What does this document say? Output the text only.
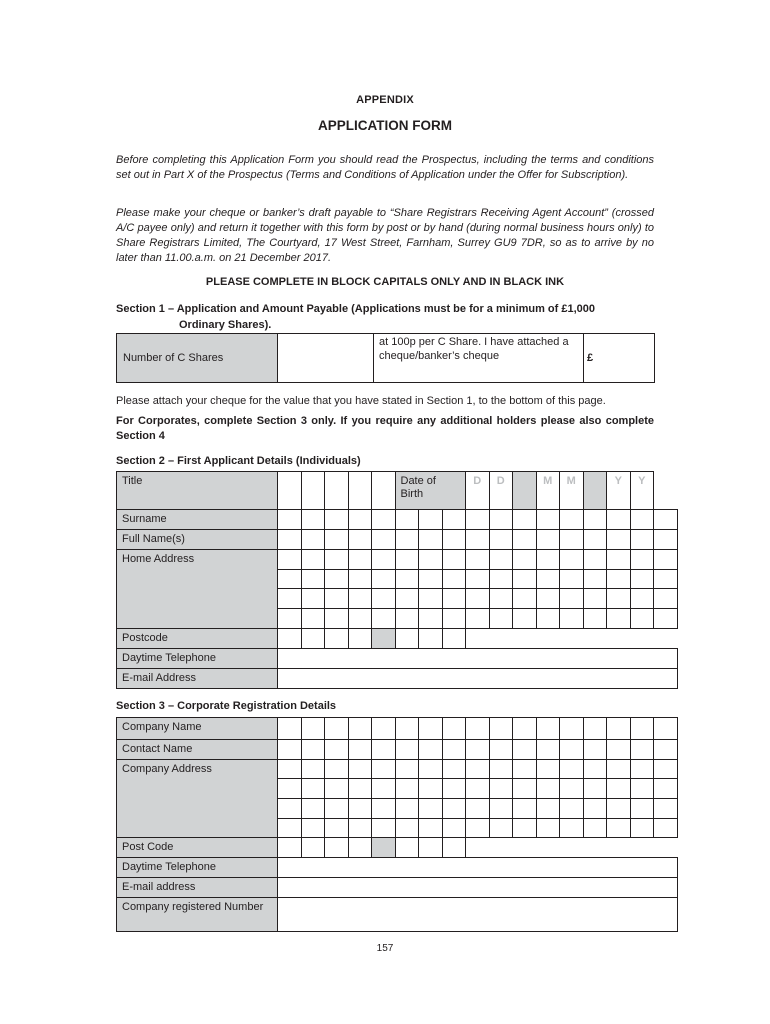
APPENDIX
APPLICATION FORM

Before completing this Application Form you should read the Prospectus, including the terms and conditions set out in Part X of the Prospectus (Terms and Conditions of Application under the Offer for Subscription).

Please make your cheque or banker’s draft payable to “Share Registrars Receiving Agent Account” (crossed A/C payee only) and return it together with this form by post or by hand (during normal business hours only) to Share Registrars Limited, The Courtyard, 17 West Street, Farnham, Surrey GU9 7DR, so as to arrive by no later than 11.00.a.m. on 21 December 2017.

PLEASE COMPLETE IN BLOCK CAPITALS ONLY AND IN BLACK INK
Section 1 – Application and Amount Payable (Applications must be for a minimum of £1,000
Ordinary Shares).
Number of C Shares		at 100p per C Share. I have attached a cheque/banker’s cheque	£
Please attach your cheque for the value that you have stated in Section 1, to the bottom of this page.
For Corporates, complete Section 3 only. If you require any additional holders please also complete Section 4
Section 2 – First Applicant Details (Individuals)
Title						Date of Birth			D	D		M	M		Y	Y	
Surname																	
Full Name(s)																	
Home Address																	

Postcode																	
Daytime Telephone																	
E-mail Address																	
Section 3 – Corporate Registration Details
Company Name																	
Contact Name																	
Company Address																	

Post Code																	
Daytime Telephone																	
E-mail address																	
Company registered Number																	
157
